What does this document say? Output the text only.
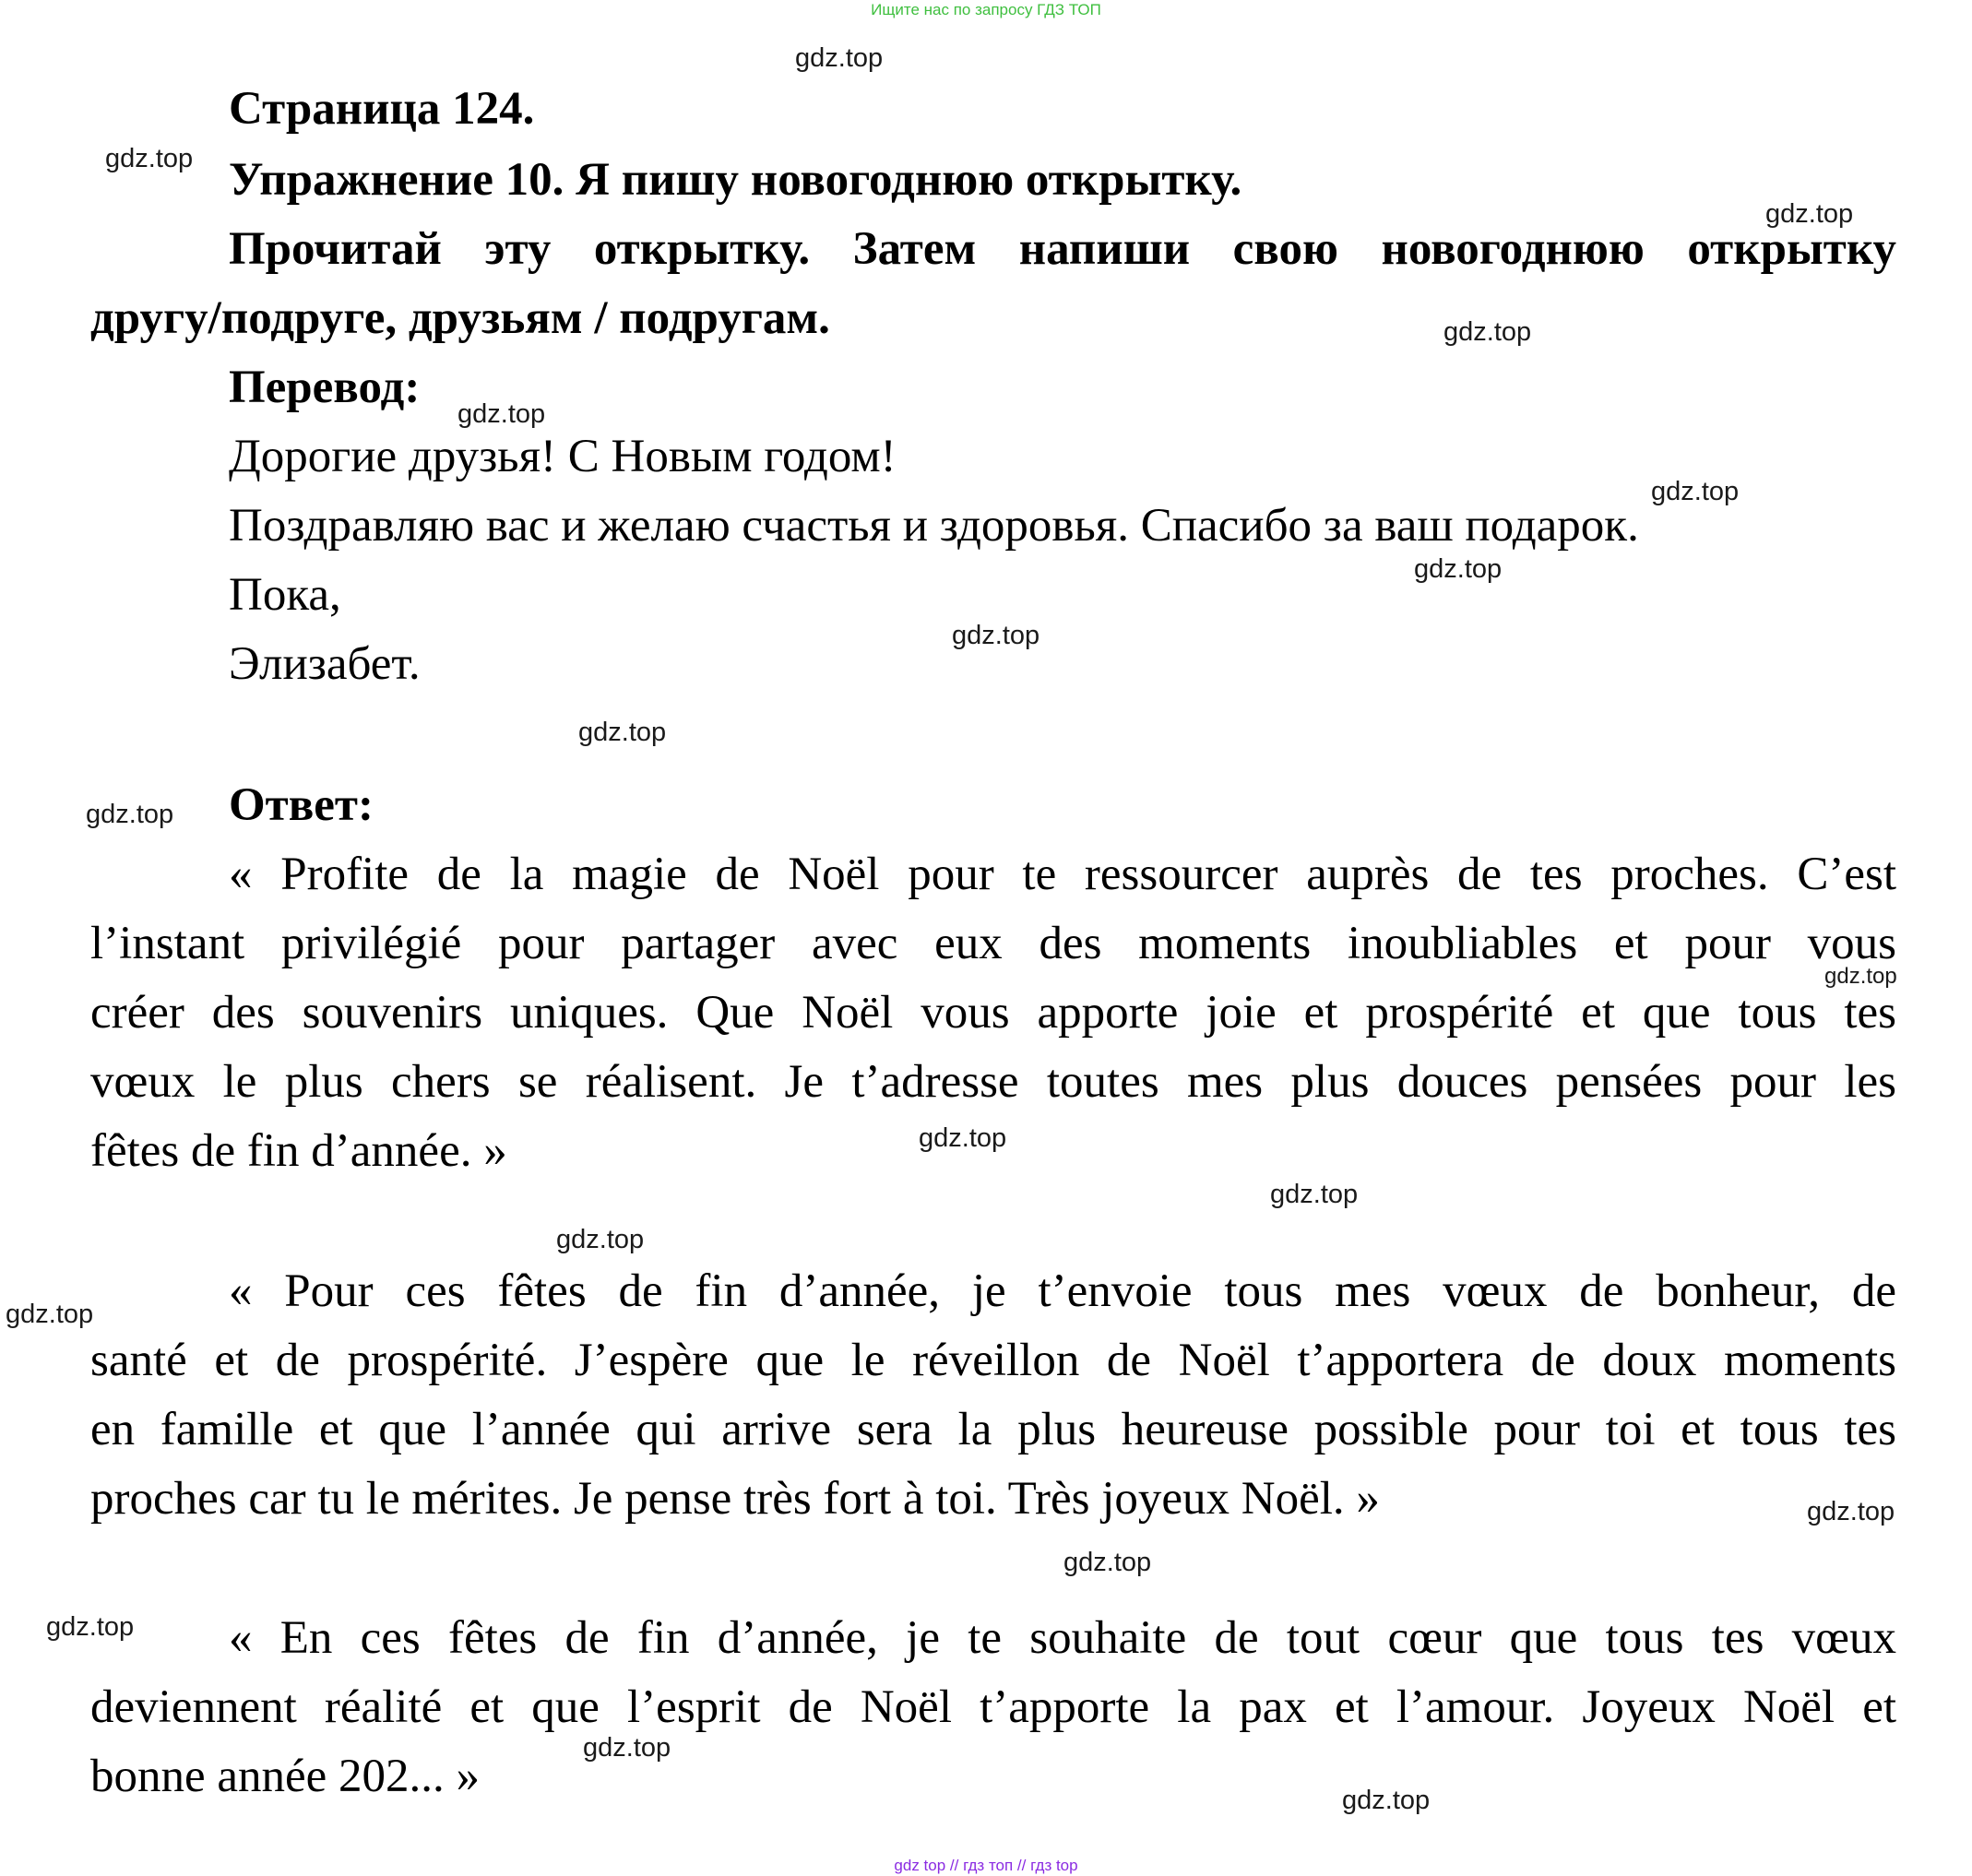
Ищите нас по запросу ГДЗ ТОП
Страница 124.
Упражнение 10. Я пишу новогоднюю открытку.
Прочитай эту открытку. Затем напиши свою новогоднюю открытку
другу/подруге, друзьям / подругам.
Перевод:
Дорогие друзья! С Новым годом!
Поздравляю вас и желаю счастья и здоровья. Спасибо за ваш подарок.
Пока,
Элизабет.
Ответ:
« Profite de la magie de Noël pour te ressourcer auprès de tes proches. C’est
l’instant privilégié pour partager avec eux des moments inoubliables et pour vous
créer des souvenirs uniques. Que Noël vous apporte joie et prospérité et que tous tes
vœux le plus chers se réalisent. Je t’adresse toutes mes plus douces pensées pour les
fêtes de fin d’année. »
« Pour ces fêtes de fin d’année, je t’envoie tous mes vœux de bonheur, de
santé et de prospérité. J’espère que le réveillon de Noël t’apportera de doux moments
en famille et que l’année qui arrive sera la plus heureuse possible pour toi et tous tes
proches car tu le mérites. Je pense très fort à toi. Très joyeux Noël. »
« En ces fêtes de fin d’année, je te souhaite de tout cœur que tous tes vœux
deviennent réalité et que l’esprit de Noël t’apporte la pax et l’amour. Joyeux Noël et
bonne année 202... »
gdz.top
gdz.top
gdz.top
gdz.top
gdz.top
gdz.top
gdz.top
gdz.top
gdz.top
gdz.top
gdz.top
gdz.top
gdz.top
gdz.top
gdz.top
gdz.top
gdz.top
gdz.top
gdz.top
gdz.top
gdz top // гдз топ // гдз top
